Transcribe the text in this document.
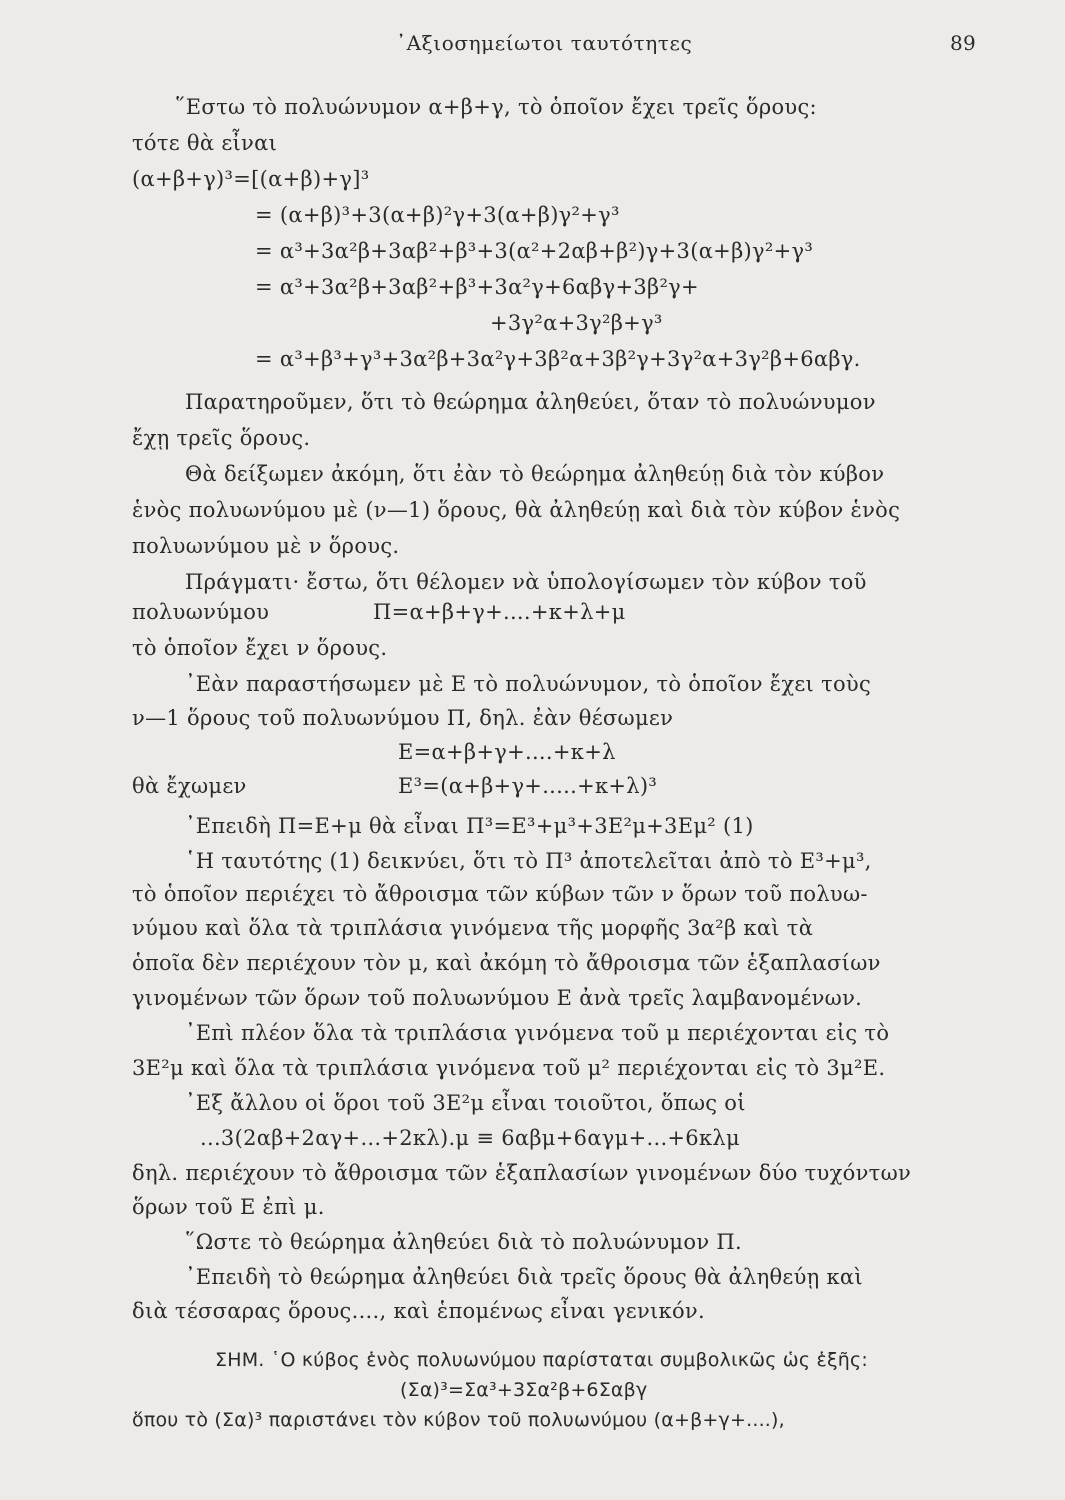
᾿Αξιοσημείωτοι ταυτότητες	89
῞Εστω τὸ πολυώνυμον α+β+γ, τὸ ὁποῖον ἔχει τρεῖς ὅρους:
τότε θὰ εἶναι
(α+β+γ)³=[(α+β)+γ]³
= (α+β)³+3(α+β)²γ+3(α+β)γ²+γ³
= α³+3α²β+3αβ²+β³+3(α²+2αβ+β²)γ+3(α+β)γ²+γ³
= α³+3α²β+3αβ²+β³+3α²γ+6αβγ+3β²γ+
+3γ²α+3γ²β+γ³
= α³+β³+γ³+3α²β+3α²γ+3β²α+3β²γ+3γ²α+3γ²β+6αβγ.
Παρατηροῦμεν, ὅτι τὸ θεώρημα ἀληθεύει, ὅταν τὸ πολυώνυμον
ἔχῃ τρεῖς ὅρους.
Θὰ δείξωμεν ἀκόμη, ὅτι ἐὰν τὸ θεώρημα ἀληθεύῃ διὰ τὸν κύβον
ἑνὸς πολυωνύμου μὲ (ν—1) ὅρους, θὰ ἀληθεύῃ καὶ διὰ τὸν κύβον ἑνὸς
πολυωνύμου μὲ ν ὅρους.
Πράγματι· ἔστω, ὅτι θέλομεν νὰ ὑπολογίσωμεν τὸν κύβον τοῦ
πολυωνύμου	Π=α+β+γ+....+κ+λ+μ
τὸ ὁποῖον ἔχει ν ὅρους.
᾿Εὰν παραστήσωμεν μὲ Ε τὸ πολυώνυμον, τὸ ὁποῖον ἔχει τοὺς
ν—1 ὅρους τοῦ πολυωνύμου Π, δηλ. ἐὰν θέσωμεν
Ε=α+β+γ+....+κ+λ
θὰ ἔχωμεν	Ε³=(α+β+γ+.....+κ+λ)³
᾿Επειδὴ Π=Ε+μ θὰ εἶναι Π³=Ε³+μ³+3Ε²μ+3Εμ² (1)
῾Η ταυτότης (1) δεικνύει, ὅτι τὸ Π³ ἀποτελεῖται ἀπὸ τὸ Ε³+μ³,
τὸ ὁποῖον περιέχει τὸ ἄθροισμα τῶν κύβων τῶν ν ὅρων τοῦ πολυω-
νύμου καὶ ὅλα τὰ τριπλάσια γινόμενα τῆς μορφῆς 3α²β καὶ τὰ
ὁποῖα δὲν περιέχουν τὸν μ, καὶ ἀκόμη τὸ ἄθροισμα τῶν ἑξαπλασίων
γινομένων τῶν ὅρων τοῦ πολυωνύμου Ε ἀνὰ τρεῖς λαμβανομένων.
᾿Επὶ πλέον ὅλα τὰ τριπλάσια γινόμενα τοῦ μ περιέχονται εἰς τὸ
3Ε²μ καὶ ὅλα τὰ τριπλάσια γινόμενα τοῦ μ² περιέχονται εἰς τὸ 3μ²Ε.
᾿Εξ ἄλλου οἱ ὅροι τοῦ 3Ε²μ εἶναι τοιοῦτοι, ὅπως οἱ
...3(2αβ+2αγ+...+2κλ).μ ≡ 6αβμ+6αγμ+...+6κλμ
δηλ. περιέχουν τὸ ἄθροισμα τῶν ἑξαπλασίων γινομένων δύο τυχόντων
ὅρων τοῦ Ε ἐπὶ μ.
῞Ωστε τὸ θεώρημα ἀληθεύει διὰ τὸ πολυώνυμον Π.
᾿Επειδὴ τὸ θεώρημα ἀληθεύει διὰ τρεῖς ὅρους θὰ ἀληθεύῃ καὶ
διὰ τέσσαρας ὅρους...., καὶ ἑπομένως εἶναι γενικόν.
ΣΗΜ. ῾Ο κύβος ἑνὸς πολυωνύμου παρίσταται συμβολικῶς ὡς ἑξῆς:
(Σα)³=Σα³+3Σα²β+6Σαβγ
ὅπου τὸ (Σα)³ παριστάνει τὸν κύβον τοῦ πολυωνύμου (α+β+γ+....),
